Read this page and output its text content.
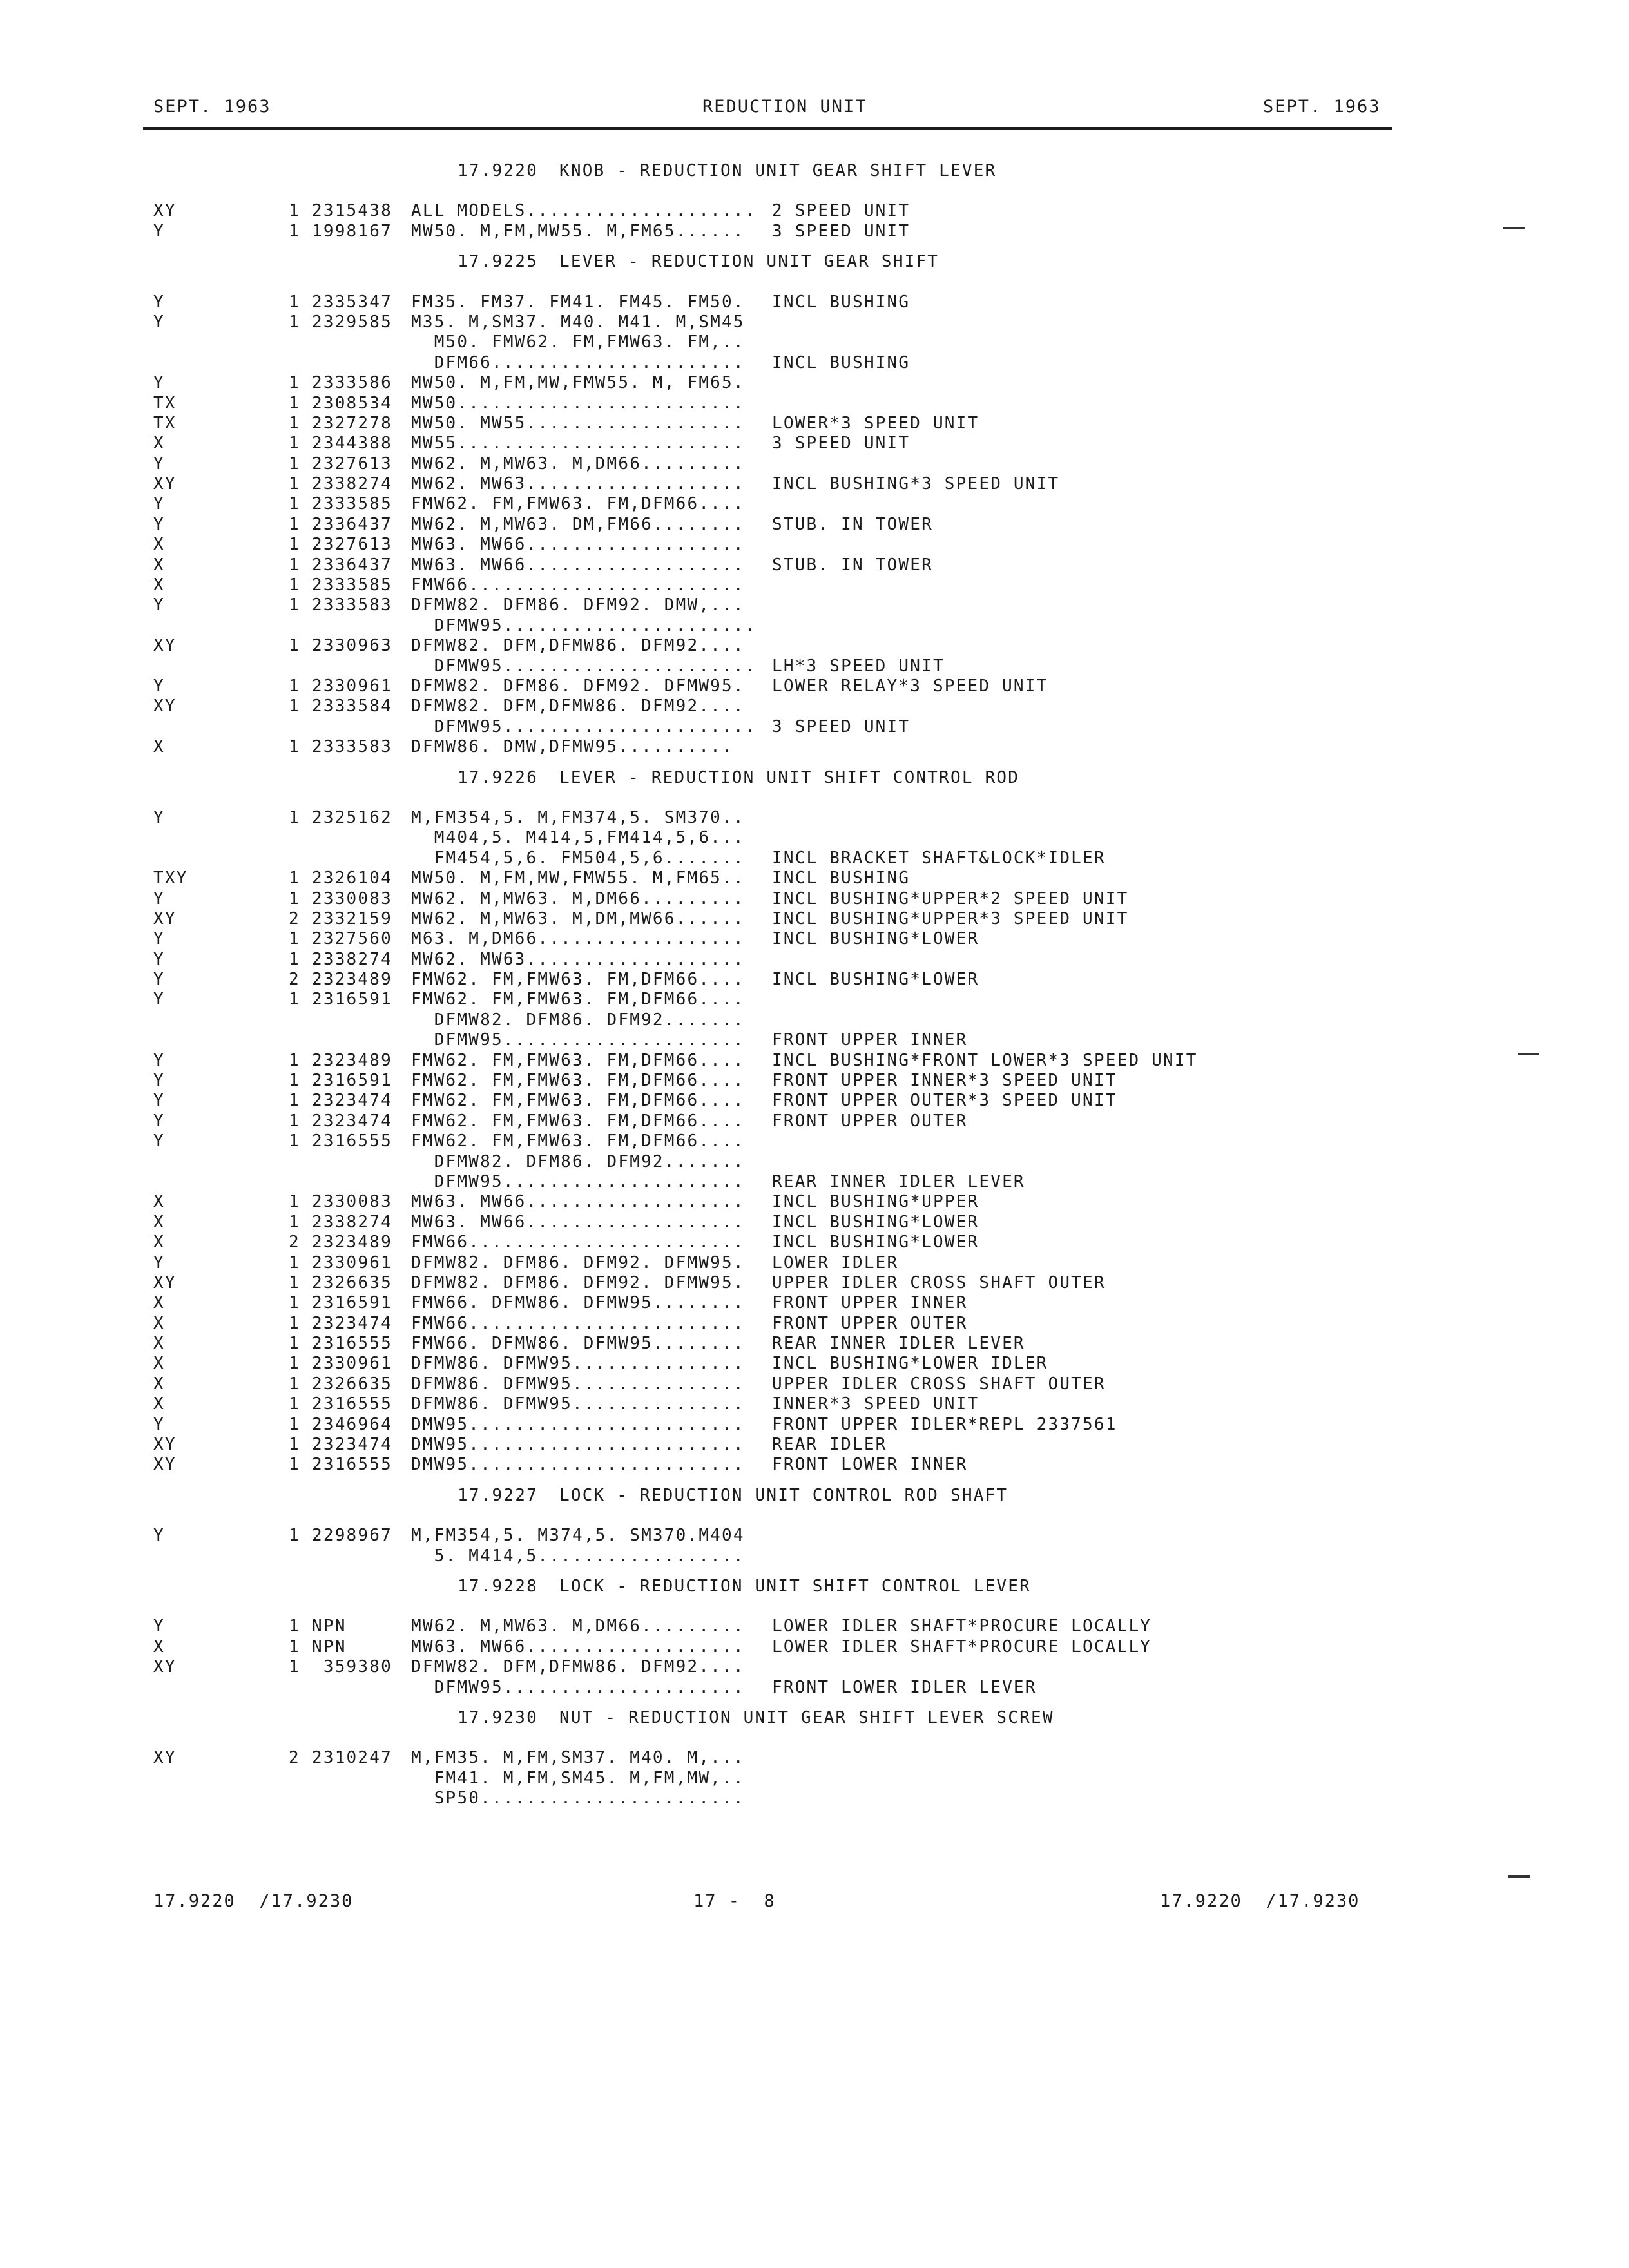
SEPT. 1963	REDUCTION UNIT	SEPT. 1963
17.9220 KNOB - REDUCTION UNIT GEAR SHIFT LEVER
XY	1 2315438 ALL MODELS.................... 2 SPEED UNIT
Y	1 1998167 MW50. M,FM,MW55. M,FM65...... 3 SPEED UNIT
17.9225 LEVER - REDUCTION UNIT GEAR SHIFT
Y	1 2335347 FM35. FM37. FM41. FM45. FM50. INCL BUSHING
Y	1 2329585 M35. M,SM37. M40. M41. M,SM45
M50. FMW62. FM,FMW63. FM,..
DFM66...................... INCL BUSHING
Y	1 2333586 MW50. M,FM,MW,FMW55. M, FM65.
TX	1 2308534 MW50.........................
TX	1 2327278 MW50. MW55................... LOWER*3 SPEED UNIT
X	1 2344388 MW55......................... 3 SPEED UNIT
Y	1 2327613 MW62. M,MW63. M,DM66.........
XY	1 2338274 MW62. MW63................... INCL BUSHING*3 SPEED UNIT
Y	1 2333585 FMW62. FM,FMW63. FM,DFM66....
Y	1 2336437 MW62. M,MW63. DM,FM66........ STUB. IN TOWER
X	1 2327613 MW63. MW66...................
X	1 2336437 MW63. MW66................... STUB. IN TOWER
X	1 2333585 FMW66........................
Y	1 2333583 DFMW82. DFM86. DFM92. DMW,...
DFMW95......................
XY	1 2330963 DFMW82. DFM,DFMW86. DFM92....
DFMW95...................... LH*3 SPEED UNIT
Y	1 2330961 DFMW82. DFM86. DFM92. DFMW95. LOWER RELAY*3 SPEED UNIT
XY	1 2333584 DFMW82. DFM,DFMW86. DFM92....
DFMW95...................... 3 SPEED UNIT
X	1 2333583 DFMW86. DMW,DFMW95..........
17.9226 LEVER - REDUCTION UNIT SHIFT CONTROL ROD
Y	1 2325162 M,FM354,5. M,FM374,5. SM370..
M404,5. M414,5,FM414,5,6...
FM454,5,6. FM504,5,6....... INCL BRACKET SHAFT&LOCK*IDLER
TXY	1 2326104 MW50. M,FM,MW,FMW55. M,FM65.. INCL BUSHING
Y	1 2330083 MW62. M,MW63. M,DM66......... INCL BUSHING*UPPER*2 SPEED UNIT
XY	2 2332159 MW62. M,MW63. M,DM,MW66...... INCL BUSHING*UPPER*3 SPEED UNIT
Y	1 2327560 M63. M,DM66.................. INCL BUSHING*LOWER
Y	1 2338274 MW62. MW63...................
Y	2 2323489 FMW62. FM,FMW63. FM,DFM66.... INCL BUSHING*LOWER
Y	1 2316591 FMW62. FM,FMW63. FM,DFM66....
DFMW82. DFM86. DFM92.......
DFMW95..................... FRONT UPPER INNER
Y	1 2323489 FMW62. FM,FMW63. FM,DFM66.... INCL BUSHING*FRONT LOWER*3 SPEED UNIT
Y	1 2316591 FMW62. FM,FMW63. FM,DFM66.... FRONT UPPER INNER*3 SPEED UNIT
Y	1 2323474 FMW62. FM,FMW63. FM,DFM66.... FRONT UPPER OUTER*3 SPEED UNIT
Y	1 2323474 FMW62. FM,FMW63. FM,DFM66.... FRONT UPPER OUTER
Y	1 2316555 FMW62. FM,FMW63. FM,DFM66....
DFMW82. DFM86. DFM92.......
DFMW95..................... REAR INNER IDLER LEVER
X	1 2330083 MW63. MW66................... INCL BUSHING*UPPER
X	1 2338274 MW63. MW66................... INCL BUSHING*LOWER
X	2 2323489 FMW66........................ INCL BUSHING*LOWER
Y	1 2330961 DFMW82. DFM86. DFM92. DFMW95. LOWER IDLER
XY	1 2326635 DFMW82. DFM86. DFM92. DFMW95. UPPER IDLER CROSS SHAFT OUTER
X	1 2316591 FMW66. DFMW86. DFMW95........ FRONT UPPER INNER
X	1 2323474 FMW66........................ FRONT UPPER OUTER
X	1 2316555 FMW66. DFMW86. DFMW95........ REAR INNER IDLER LEVER
X	1 2330961 DFMW86. DFMW95............... INCL BUSHING*LOWER IDLER
X	1 2326635 DFMW86. DFMW95............... UPPER IDLER CROSS SHAFT OUTER
X	1 2316555 DFMW86. DFMW95............... INNER*3 SPEED UNIT
Y	1 2346964 DMW95........................ FRONT UPPER IDLER*REPL 2337561
XY	1 2323474 DMW95........................ REAR IDLER
XY	1 2316555 DMW95........................ FRONT LOWER INNER
17.9227 LOCK - REDUCTION UNIT CONTROL ROD SHAFT
Y	1 2298967 M,FM354,5. M374,5. SM370.M404
5. M414,5..................
17.9228 LOCK - REDUCTION UNIT SHIFT CONTROL LEVER
Y	1 NPN	MW62. M,MW63. M,DM66......... LOWER IDLER SHAFT*PROCURE LOCALLY
X	1 NPN	MW63. MW66................... LOWER IDLER SHAFT*PROCURE LOCALLY
XY	1 359380 DFMW82. DFM,DFMW86. DFM92....
DFMW95..................... FRONT LOWER IDLER LEVER
17.9230 NUT - REDUCTION UNIT GEAR SHIFT LEVER SCREW
XY	2 2310247 M,FM35. M,FM,SM37. M40. M,...
FM41. M,FM,SM45. M,FM,MW,..
SP50.......................
17.9220  /17.9230	17 -  8	17.9220  /17.9230
